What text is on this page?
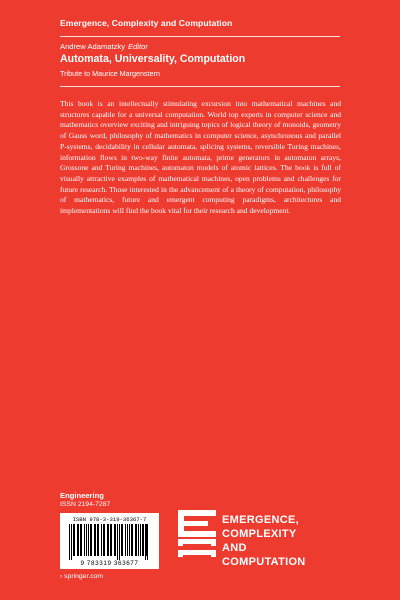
Emergence, Complexity and Computation
Andrew Adamatzky Editor
Automata, Universality, Computation
Tribute to Maurice Margenstern

This book is an intellectually stimulating excursion into mathematical machines and structures capable for a universal computation. World top experts in computer science and mathematics overview exciting and intriguing topics of logical theory of monoids, geometry of Gauss word, philosophy of mathematics in computer science, asynchronous and parallel P-systems, decidability in cellular automata, splicing systems, reversible Turing machines, information flows in two-way finite automata, prime generators in automaton arrays, Grossone and Turing machines, automaton models of atomic lattices. The book is full of visually attractive examples of mathematical machines, open problems and challenges for future research. Those interested in the advancement of a theory of computation, philosophy of mathematics, future and emergent computing paradigms, architectures and implementations will find the book vital for their research and development.

Engineering
ISSN 2194-7287
ISBN 978-3-319-36367-7
9 783319 363677
› springer.com
EMERGENCE,
COMPLEXITY
AND
COMPUTATION
